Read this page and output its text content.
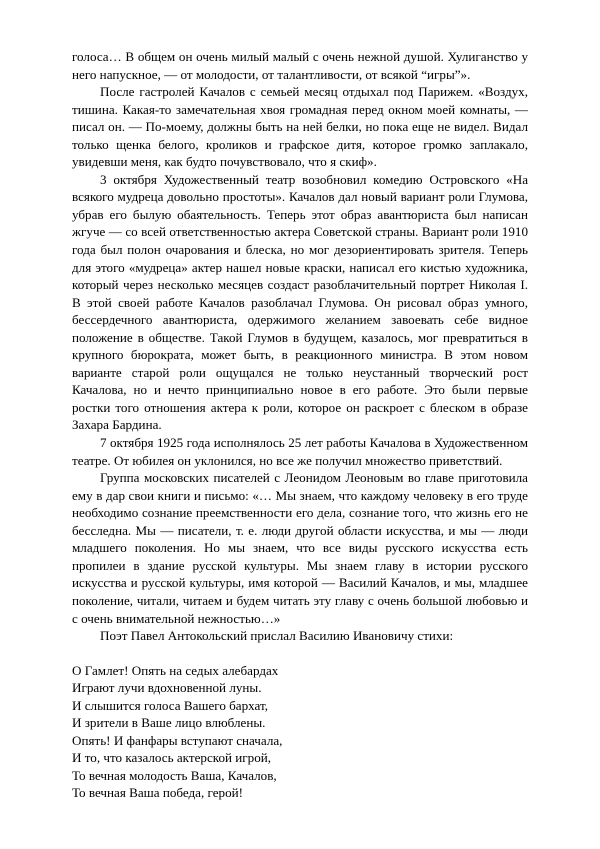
голоса… В общем он очень милый малый с очень нежной душой. Хулиганство у него напускное, — от молодости, от талантливости, от всякой “игры”».

После гастролей Качалов с семьей месяц отдыхал под Парижем. «Воздух, тишина. Какая-то замечательная хвоя громадная перед окном моей комнаты, — писал он. — По-моему, должны быть на ней белки, но пока еще не видел. Видал только щенка белого, кроликов и графское дитя, которое громко заплакало, увидевши меня, как будто почувствовало, что я скиф».

3 октября Художественный театр возобновил комедию Островского «На всякого мудреца довольно простоты». Качалов дал новый вариант роли Глумова, убрав его былую обаятельность. Теперь этот образ авантюриста был написан жгуче — со всей ответственностью актера Советской страны. Вариант роли 1910 года был полон очарования и блеска, но мог дезориентировать зрителя. Теперь для этого «мудреца» актер нашел новые краски, написал его кистью художника, который через несколько месяцев создаст разоблачительный портрет Николая I. В этой своей работе Качалов разоблачал Глумова. Он рисовал образ умного, бессердечного авантюриста, одержимого желанием завоевать себе видное положение в обществе. Такой Глумов в будущем, казалось, мог превратиться в крупного бюрократа, может быть, в реакционного министра. В этом новом варианте старой роли ощущался не только неустанный творческий рост Качалова, но и нечто принципиально новое в его работе. Это были первые ростки того отношения актера к роли, которое он раскроет с блеском в образе Захара Бардина.

7 октября 1925 года исполнялось 25 лет работы Качалова в Художественном театре. От юбилея он уклонился, но все же получил множество приветствий.

Группа московских писателей с Леонидом Леоновым во главе приготовила ему в дар свои книги и письмо: «… Мы знаем, что каждому человеку в его труде необходимо сознание преемственности его дела, сознание того, что жизнь его не бесследна. Мы — писатели, т. е. люди другой области искусства, и мы — люди младшего поколения. Но мы знаем, что все виды русского искусства есть пропилеи в здание русской культуры. Мы знаем главу в истории русского искусства и русской культуры, имя которой — Василий Качалов, и мы, младшее поколение, читали, читаем и будем читать эту главу с очень большой любовью и с очень внимательной нежностью…»

Поэт Павел Антокольский прислал Василию Ивановичу стихи:

О Гамлет! Опять на седых алебардах
Играют лучи вдохновенной луны.
И слышится голоса Вашего бархат,
И зрители в Ваше лицо влюблены.
Опять! И фанфары вступают сначала,
И то, что казалось актерской игрой,
То вечная молодость Ваша, Качалов,
То вечная Ваша победа, герой!
